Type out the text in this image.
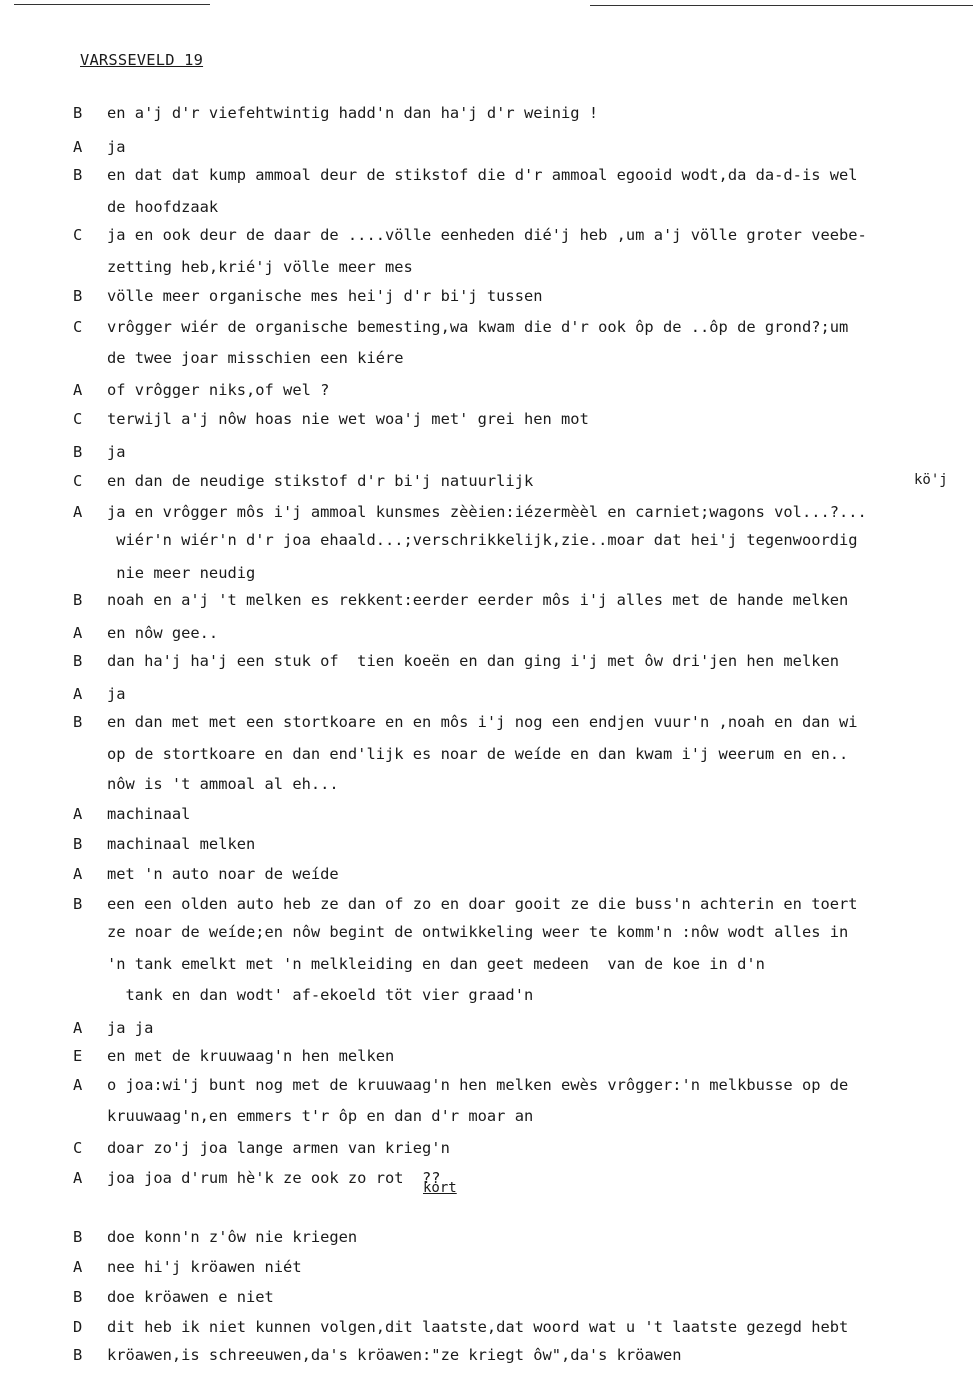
VARSSEVELD 19
B en a'j d'r viefehtwintig hadd'n dan ha'j d'r weinig !
A ja
B en dat dat kump ammoal deur de stikstof die d'r ammoal egooid wodt,da da-d-is wel
de hoofdzaak
C ja en ook deur de daar de ....völle eenheden dié'j heb ,um a'j völle groter veebe-
zetting heb,krié'j völle meer mes
B völle meer organische mes hei'j d'r bi'j tussen
C vrôgger wiér de organische bemesting,wa kwam die d'r ook ôp de ..ôp de grond?;um
de twee joar misschien een kiére
A of vrôgger niks,of wel ?
C terwijl a'j nôw hoas nie wet woa'j met' grei hen mot
B ja
C en dan de neudige stikstof d'r bi'j natuurlijk
A ja en vrôgger môs i'j ammoal kunsmes zèèien:iézermèèl en carniet;wagons vol...?...
wiér'n wiér'n d'r joa ehaald...;verschrikkelijk,zie..moar dat hei'j tegenwoordig
nie meer neudig
B noah en a'j 't melken es rekkent:eerder eerder môs i'j alles met de hande melken
A en nôw gee..
B dan ha'j ha'j een stuk of  tien koeën en dan ging i'j met ôw dri'jen hen melken
A ja
B en dan met met een stortkoare en en môs i'j nog een endjen vuur'n ,noah en dan wi
op de stortkoare en dan end'lijk es noar de weíde en dan kwam i'j weerum en en..
nôw is 't ammoal al eh...
A machinaal
B machinaal melken
A met 'n auto noar de weíde
B een een olden auto heb ze dan of zo en doar gooit ze die buss'n achterin en toert
ze noar de weíde;en nôw begint de ontwikkeling weer te komm'n :nôw wodt alles in
'n tank emelkt met 'n melkleiding en dan geet medeen  van de koe in d'n
tank en dan wodt' af-ekoeld töt vier graad'n
A ja ja
E en met de kruuwaag'n hen melken
A o joa:wi'j bunt nog met de kruuwaag'n hen melken ewès vrôgger:'n melkbusse op de
kruuwaag'n,en emmers t'r ôp en dan d'r moar an
C doar zo'j joa lange armen van krieg'n
A joa joa d'rum hè'k ze ook zo rot  ??
B doe konn'n z'ôw nie kriegen
A nee hi'j kröawen niét
B doe kröawen e niet
D dit heb ik niet kunnen volgen,dit laatste,dat woord wat u 't laatste gezegd hebt
B kröawen,is schreeuwen,da's kröawen:"ze kriegt ôw",da's kröawen
kö'j
kort
